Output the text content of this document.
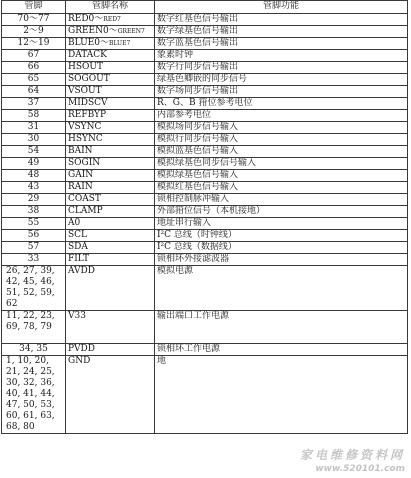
管脚	管脚名称	管脚功能
70～77	RED0～RED7	数字红基色信号输出
2～9	GREEN0～GREEN7	数字绿基色信号输出
12～19	BLUE0～BLUE7	数字蓝基色信号输出
67	DATACK	象素时钟
66	HSOUT	数字行同步信号输出
65	SOGOUT	绿基色卿嵌的同步信号
64	VSOUT	数字场同步信号输出
37	MIDSCV	R、G、B 箝位参考电位
58	REFBYP	内部参考电位
31	VSYNC	模拟场同步信号输入
30	HSYNC	模拟行同步信号输入
54	BAIN	模拟蓝基色信号输入
49	SOGIN	模拟绿基色同步信号输入
48	GAIN	模拟绿基色信号输入
43	RAIN	模拟红基色信号输入
29	COAST	锁相控制脉冲输入
38	CLAMP	外部箝位信号（本机接地）
55	A0	地址串行输入
56	SCL	I²C 总线（时钟线）
57	SDA	I²C 总线（数据线）
33	FILT	锁相环外接滤波器
26, 27, 39, 42, 45, 46, 51, 52, 59, 62	AVDD	模拟电源
11, 22, 23, 69, 78, 79	V33	输出端口工作电源
34, 35	PVDD	锁相环工作电源
1, 10, 20, 21, 24, 25, 30, 32, 36, 40, 41, 44, 47, 50, 53, 60, 61, 63, 68, 80	GND	地
家电维修资料网
www.520101.com
